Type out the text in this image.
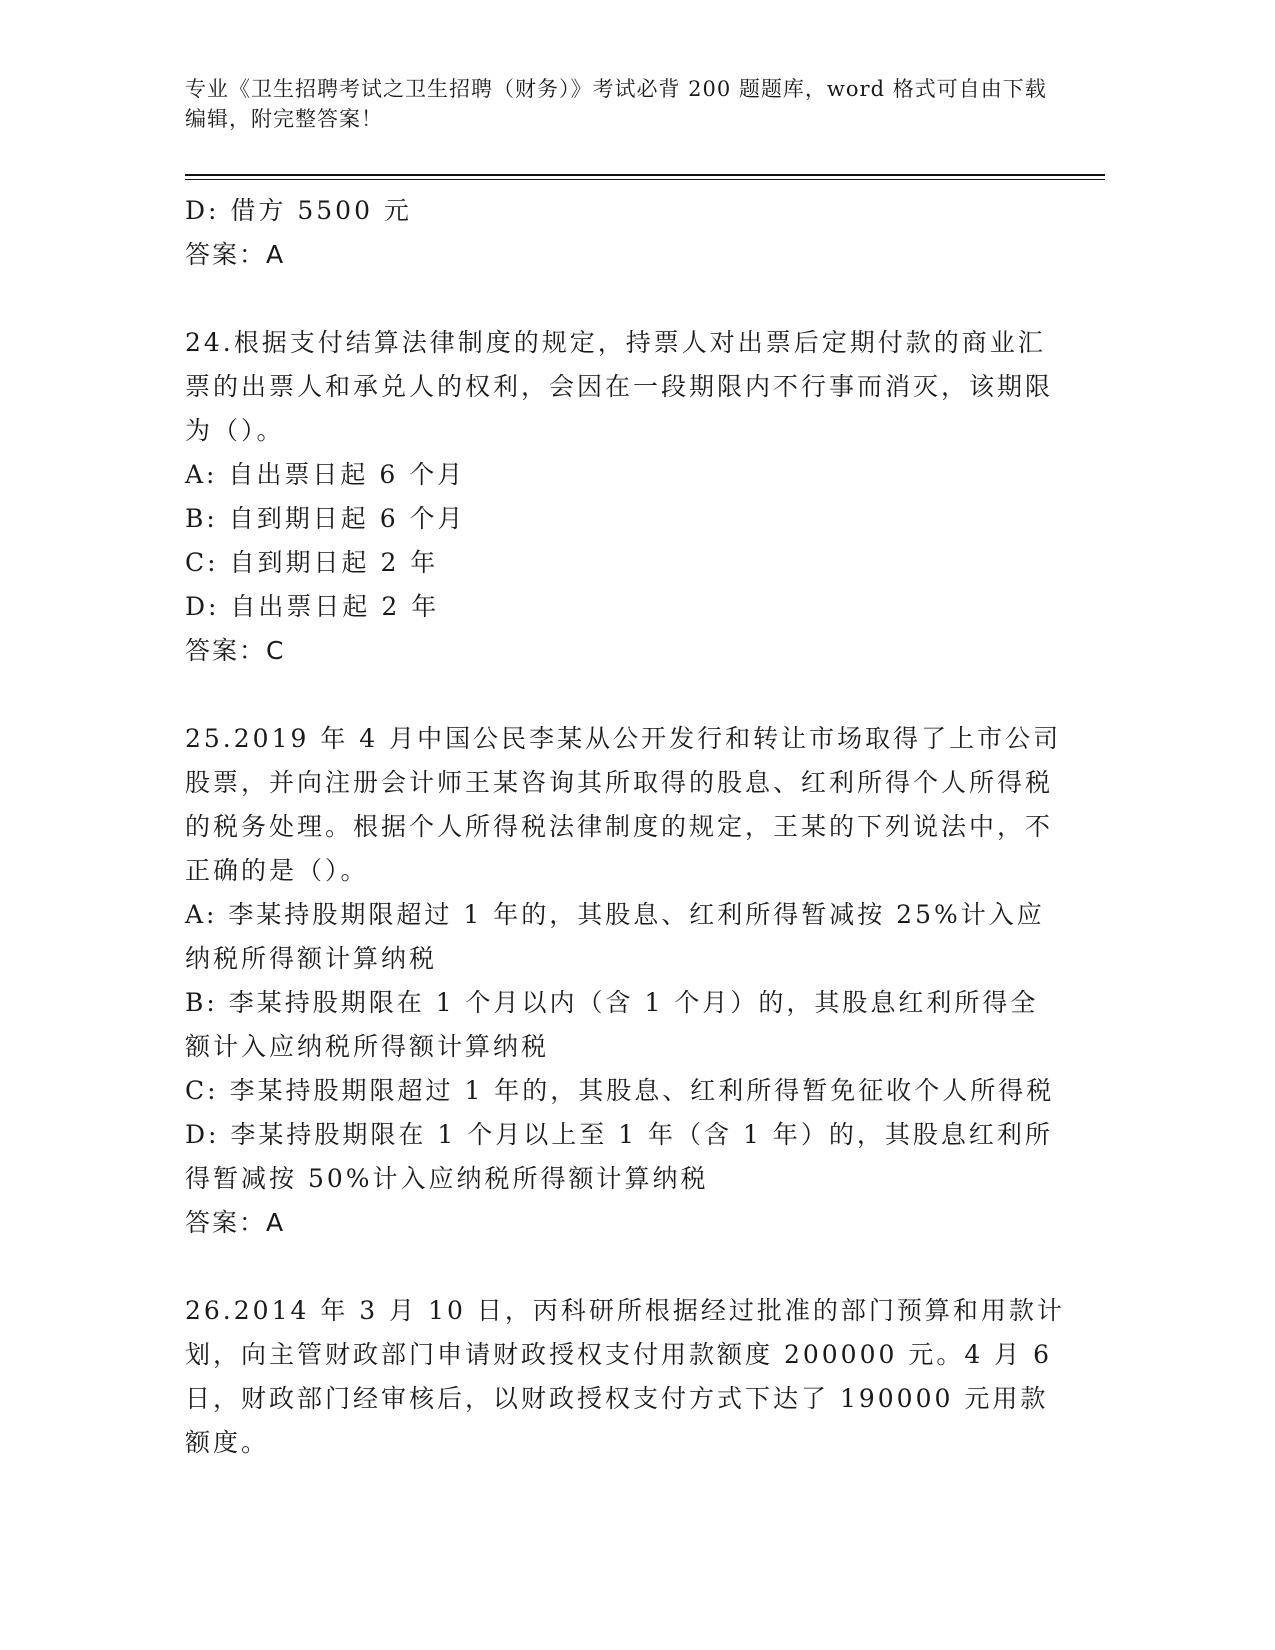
专业《卫生招聘考试之卫生招聘（财务）》考试必背 200 题题库，word 格式可自由下载编辑，附完整答案！

D: 借方 5500 元

答案：A

24.根据支付结算法律制度的规定，持票人对出票后定期付款的商业汇票的出票人和承兑人的权利，会因在一段期限内不行事而消灭，该期限为（）。

A: 自出票日起 6 个月

B: 自到期日起 6 个月

C: 自到期日起 2 年

D: 自出票日起 2 年

答案：C

25.2019 年 4 月中国公民李某从公开发行和转让市场取得了上市公司股票，并向注册会计师王某咨询其所取得的股息、红利所得个人所得税的税务处理。根据个人所得税法律制度的规定，王某的下列说法中，不正确的是（）。

A: 李某持股期限超过 1 年的，其股息、红利所得暂减按 25%计入应纳税所得额计算纳税

B: 李某持股期限在 1 个月以内（含 1 个月）的，其股息红利所得全额计入应纳税所得额计算纳税

C: 李某持股期限超过 1 年的，其股息、红利所得暂免征收个人所得税

D: 李某持股期限在 1 个月以上至 1 年（含 1 年）的，其股息红利所得暂减按 50%计入应纳税所得额计算纳税

答案：A

26.2014 年 3 月 10 日，丙科研所根据经过批准的部门预算和用款计划，向主管财政部门申请财政授权支付用款额度 200000 元。4 月 6 日，财政部门经审核后，以财政授权支付方式下达了 190000 元用款额度。
